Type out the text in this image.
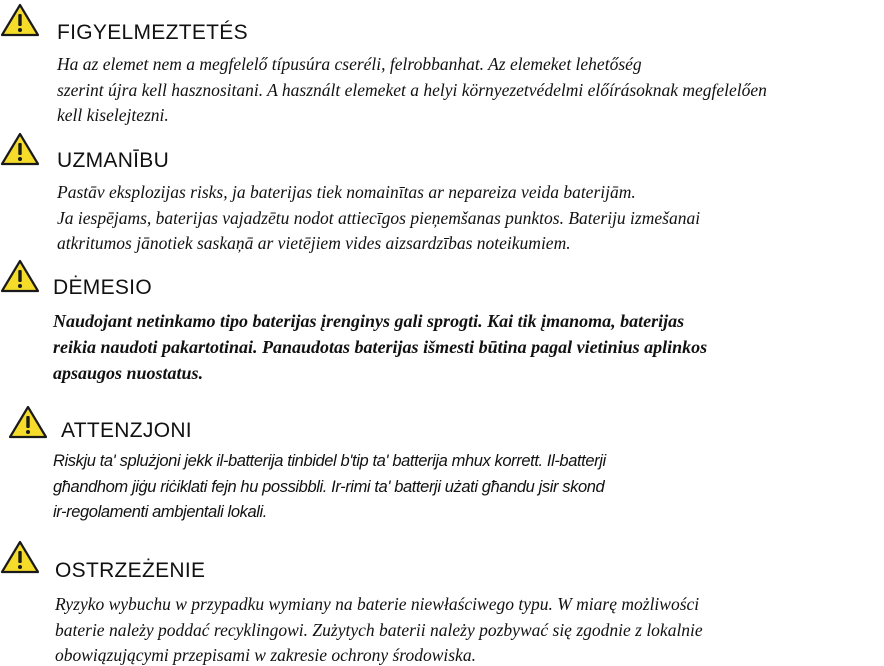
FIGYELMEZTETÉS
Ha az elemet nem a megfelelő típusúra cseréli, felrobbanhat. Az elemeket lehetőség
szerint újra kell hasznositani. A használt elemeket a helyi környezetvédelmi előírásoknak megfelelően
kell kiselejtezni.
UZMANĪBU
Pastāv eksplozijas risks, ja baterijas tiek nomainītas ar nepareiza veida baterijām.
Ja iespējams, baterijas vajadzētu nodot attiecīgos pieņemšanas punktos. Bateriju izmešanai
atkritumos jānotiek saskaņā ar vietējiem vides aizsardzības noteikumiem.
DĖMESIO
Naudojant netinkamo tipo baterijas įrenginys gali sprogti. Kai tik įmanoma, baterijas
reikia naudoti pakartotinai. Panaudotas baterijas išmesti būtina pagal vietinius aplinkos
apsaugos nuostatus.
ATTENZJONI
Riskju ta' splużjoni jekk il-batterija tinbidel b'tip ta' batterija mhux korrett. Il-batterji
għandhom jiġu riċiklati fejn hu possibbli. Ir-rimi ta' batterji użati għandu jsir skond
ir-regolamenti ambjentali lokali.
OSTRZEŻENIE
Ryzyko wybuchu w przypadku wymiany na baterie niewłaściwego typu. W miarę możliwości
baterie należy poddać recyklingowi. Zużytych baterii należy pozbywać się zgodnie z lokalnie
obowiązującymi przepisami w zakresie ochrony środowiska.
